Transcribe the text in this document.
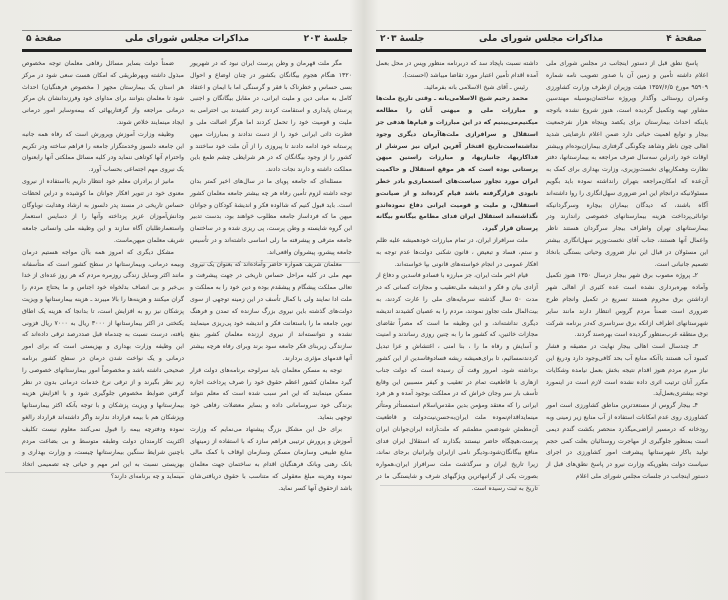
جلسهٔ ۲۰۳
مذاکرات مجلس شورای ملی
صفحهٔ ۵

مگر ملت قهرمان و وطن پرست ایران نبود که در شهریور ۱۳۲۰ هنگام هجوم بیگانگان بکشور در چنان اوضاع و احوال بسی حساس و خطرناک با فقر و گرسنگی اما با ایمان و اعتقاد کامل به مبانی دین و ملیت ایرانی، در مقابل بیگانگان و اجنبی پرستان پایداری و استقامت کردند زجر کشیدند بی احترامی به ملیت و قومیت خود را تحمل کردند اما هرگز اصالت ملی و فطرت ذاتی ایرانی خود را از دست ندادند و بمبارزات میهن پرستانه خود ادامه دادند تا پیروزی را از آن ملت خود ساختند و کشور را از وجود بیگانگان که در هر شرایطی چشم طمع باین مملکت داشته و دارند نجات دادند.

مسئله‌ای که جامعه پویای ما در سال‌های اخیر کمتر بدان توجه داشته لزوم تأمین رفاه هر چه بیشتر جامعه معلمان کشور است. باید قبول کنیم که شالوده فکر و اندیشهٔ کودکان و جوانان میهن ما که فردا‌ساز جامعه مطلوب خواهند بود، بدست تدبیر این گروه شایسته و وطن پرست، پی ریزی شده و در ساختمان جامعه مترقی و پیشرفته ما رلی اساسی داشته‌اند و در تأسیس جامعه پیشرو، پیشروان واقعی‌اند.

معلمان شریف همواره حاضر وآماده‌اند که بعنوان یک نیروی مهم ملی در کلیه مراحل حساس تاریخی در جهت پیشرفت و تعالی مملکت پیشگام و پیشقدم بوده و دین خود را به مملکت و ملت ادا نمایند ولی با کمال تأسف در این زمینه توجهی از سوی دولت‌های گذشته باین نیروی بزرگ سازنده که تمدن و فرهنگ نوین جامعه ما را باستعانت فکر و اندیشه خود پی‌ریزی مینمایند نشده و نتوانسته‌اند از نیروی ارزنده معلمان کشور بنفع سازندگی زیربنای فکر جامعه سود برند وبرای رفاه هرچه بیشتر آنها قدمهای مؤثری بردارند.

توجه به مسکن معلمان باید سرلوحه برنامه‌های دولت قرار گیرد معلمان کشور اعظم حقوق خود را صرف پرداخت اجاره مسکن مینمایند که این امر سبب شده است که معلم نتواند بزندگی خود سروسامانی داده و بسایر معضلات رفاهی خود توجهی بنماید.

برای حل این مشکل بزرگ پیشنهاد می‌نمایم که وزارت آموزش و پرورش ترتیبی فراهم سازد که با استفاده از زمینهای منابع طبیعی وسازمان مسکن وسازمان اوقاف با کمک مالی بانک رهنی وبانک فرهنگیان اقدام به ساختمان جهت معلمان نموده وهزینه مبلغ معقولی که متناسب با حقوق دریافتی‌شان باشد ازحقوق آنها کسر نماید.

ضمناً دولت بسایر مسائل رفاهی معلمان توجه مخصوص مبذول داشته وبهرطریقی که امکان هست سعی شود در مرکز هر استان یک بیمارستان مجهز ( مخصوص فرهنگیان) احداث شود تا معلمان بتوانند برای مداوای خود وفرزندانشان بان مرکز درمانی مراجعه واز گرفتاریهائی که بیمه‌وسایر امور درمانی ایجاد مینمایند خلاص شوند.

وظیفه وزارت آموزش وپرورش است که رفاه همه جانبه این جامعه دلسوز وخدمتگزار جامعه را فراهم ساخته ودر تکریم واحترام آنها کوتاهی ننماید ودر کلیه مسائل مملکتی آنها رابعنوان یک نیروی مهم اجتماعی بحساب آورد.

مانیز از برادران معلم خود انتظار داریم بااستفاده از نیروی معنوی خود در تنویر افکار جوانان ما کوشیده و دراین لحظات حساس تاریخی در مسند پدر دلسوز به ارشاد وهدایت نوباوگان ودانش‌آموزان عزیز پرداخته وآنها را از دسایس استعمار واستعمارطلبان آگاه سازند و این وظیفه ملی وانسانی جامعه شریف معلمان میهن‌ماست.

مشکل دیگری که امروز همه باآن مواجه هستیم درمان وبیمه درمانی، وبیمارستانها در سطح کشور است که متأسفانه مانند اکثر وسایل زندگی روزمره مردم که هر روز عده‌ای از خدا بی‌خبر و بی انصاف بدلخواه خود اجناس و ما یحتاج مردم را گران میکنند و هزینه‌ها را بالا میبرند ـ هزینه بیمارستانها و ویزیت پزشکان نیز رو به افزایش است، تا بدانجا که هزینه یک اطاق یکتختی در اکثر بیمارستانها از ۳۰۰۰ ریال به ۷۰۰۰ ریال فزونی یافته، درست نسبت به چندماه قبل صددرصد ترقی داده‌اند که این وظیفه وزارت بهداری و بهزیستی است که برای امور درمانی و یک نواخت شدن درمان در سطح کشور برنامه صحیحی داشته باشد و مخصوصاً امور بیمارستانهای خصوصی را زیر نظر بگیرند و از ترقی نرخ خدمات درمانی بدون در نظر گرفتن ضوابط مخصوص جلوگیری شود و با افزایش هزینه بیمارستانها و ویزیت پزشکان و با توجه بآنکه اکثر بیمارستانها وپزشکان هم با بیمه قرارداد ندارند واگر داشته‌اند قرارداد رالغو نموده ودفترچه بیمه را قبول نمی‌کنند معلوم نیست تکلیف اکثریت کارمندان دولت وطبقه متوسط و بی بضاعت مردم باچنین شرایط سنگین بیمارستانها چیست، و وزارت بهداری و بهزیستی نسبت به این امر مهم و حیاتی چه تصمیمی اتخاذ مینماید و چه برنامه‌ای دارند؟

صفحهٔ ۴
مذاکرات مجلس شورای ملی
جلسهٔ ۲۰۳

پاسخ نطق قبل از دستور اینجانب در مجلس شورای ملی اعلام داشته تأمین و زمین آن با صدور تصویب نامه شماره ۹۵۹۰۹ مورخ ۱۳۵۷/۶/۵ هیئت وزیران ازطرف وزارت کشاورزی وعمران روستائی وآگذار وپروژه ساختمان‌بوسیله مهندسین مشاور تهیه وتکمیل گردیده است، هنوز شروع نشده باتوجه باینکه احداث بیمارستان برای یکصد وپنجاه هزار نفرجمعیت بیجار و توابع اهمیت حیاتی دارد ضمن اعلام نارضایتی شدید اهالی چون ناظر وشاهد چگونگی گرفتاری بیماران‌بوده‌ام وبیشتر اوقات خود رادراین سه‌سال صرف مراجعه به بیمارستانها، دفتر نظارت وهمکاریهای نخست‌وزیری، وزارت بهداری برای کمک به آن‌عده که امکان‌مراجعه بتهران رانداشته نموده باید بگویم مسئولانیکه درانجام این امر ضروری سهل‌انگاری را روا داشته‌اند آگاه باشند، که دیدگان بیماران بیچاره وسرگردانیکه توانائی‌پرداخت هزینه بیمارستانهای خصوصی راندارند ودر بیمارستانهای تهران واطراف بیجار سرگردان هستند ناظر واعمال آنها هستند، جناب آقای نخست‌وزیر سهل‌انگاری بیشتر این مسئولان در قبال این نیاز ضروری وحیاتی بستگی بانخاذ تصمیم جانبانی است.

۲ـ پروژه مصوب برق شهر بیجار درسال ۱۳۵۰ هنوز تکمیل وآماده بهره‌برداری نشده است عده کثیری از اهالی شهر ازداشتن برق محروم هستند تسریع در تکمیل وانجام طرح ضروری است ضمناً مردم گروس انتظار دارند مانند سایر شهرستانهای اطراف ازانکه برق سرتاسری که‌در برنامه شرکت برق منطقه غرب‌منظور گردیده است بهره‌مند گردند.

۳ـ چندسال است اهالی بیجار نهایت در مضیقه و فشار کمبود آب هستند باآنکه منابع آب بحد کافی‌وجود دارد ودریغ این نیاز مبرم مردم هنوز اقدام نتیجه بخش بعمل نیامده وشکایات مکرر آنان ترتیب اثری داده نشده است لازم است در اینمورد توجه بیشتری‌بعمل‌آید.

۴ـ بیجار گروس از مستعدترین مناطق کشاورزی است امور کشاورزی روی عدم امکانات استفاده از آب منابع زیر زمینی وبه رودخانه که درمسیر اراضی‌میگذرد منحصر بکشت گندم دیمی است بمنظور جلوگیری از مهاجرت روستائیان بعلت کمی حجم تولید باکار شهرستانها پیشرفت امور کشاورزی در اجرای سیاست دولت بطوریکه وزارت نیرو در پاسخ نطق‌های قبل از دستور اینجانب در جلسات مجلس شورای ملی اعلام

داشته نسبت باپجاد سد که دربرنامه منظور وپس در محل بعمل آمده اقدام تأمین اعتبار مورد تقاضا میباشد (احسنت).

رئیس ـ آقای شیخ الاسلامی بانه بفرمائید.

محمد رحیم شیخ الاسلامی‌بانه ـ وقتی تاریخ ملت‌ها و مبارزات ملی و میهنی آنان را مطالعه میکنیم‌می‌بینیم که در این مبارزات و قیام‌ها هدفی جز استقلال و سرافرازی ملت‌ها‌آرمان دیگری وجود نداشته‌است‌تاریخ افتخار آفرین ایران نیز سرشار از فداکاریها، جانبازیها، و مبارزات راستین میهن پرستانی بوده است که هر موقع استقلال و حاکمیت ایران مورد تجاوز سیاست‌های استعماری‌و بادر خطر نابودی قرارگرفته باشد قیام کرده‌اند و از صیانت‌و استقلال، و ملیت و قومیت ایرانی دفاع نموده‌اندو نگذاشته‌اند استقلال ایران فدای مطامع بیگانه‌و بیگانه پرستان قرار گیرد.

ملت سرافراز ایران، در تمام مبارزات خودهمیشه علیه ظلم و ستم، فساد و تبعیض ، قانون شکنی دولت‌ها عدم توجه به افکار عمومی در انجام خواسته‌های قانونی بپا خواسته‌اند.

قیام اخیر ملت ایران، جز مبارزه با فسادو فاسدین و دفاع از آزادی بیان و فکر و اندیشه ملی‌تعقیب و مجازات کسانی که در مدت ۵۰ سال گذشته سرمایه‌های ملی را غارت کردند، به بیت‌المال ملت تجاوز نمودند، مردم را به عصیان کشیدند اندیشه دیگری نداشته‌اند، و این وظیفه ما است که مصراً تقاضای مجازات خائنین، که کشور ما را به چنین روزی رساندند و امنیت و آسایش و رفاه ما را ، بنا امنی ، اغتشاش و عزا تبدیل کردند‌نمسائیم، تا برای‌همیشه ریشه فسادوفاسدین از این کشور برداشته شود، امروز وقت آن رسیده است که دولت جناب ازهاری با قاطعیت تمام در تعقیب و کیفر مسببین این وقایع تأسف بار سر وجان خراش که در مملکت بوجود آمده و هر فرد ایرانی را که معتقد ومؤمن بدین مقدس‌اسلام استمستأثر ومتأثر مینماید‌اقدام‌نموده ملت ایران‌به‌حسن‌نیت‌دولت و قاطعیت آن‌مطمئن شودضمن مطمئنم که ملت‌آزاده ایران‌جوانان ایران پرست،هیچگاه حاضر نیستند بگذارند که استقلال ایران فدای منافع بیگانگان‌شود،ودیگر نامی ازایران وایرانیان برجای نماند، زیرا تاریخ ایران و سرگذشت ملت سرافراز ایران،همواره بصورت یکی از گرانبهاترین ویژگیهای شرف و شایستگی ما در تاریخ به ثبت رسیده است.
